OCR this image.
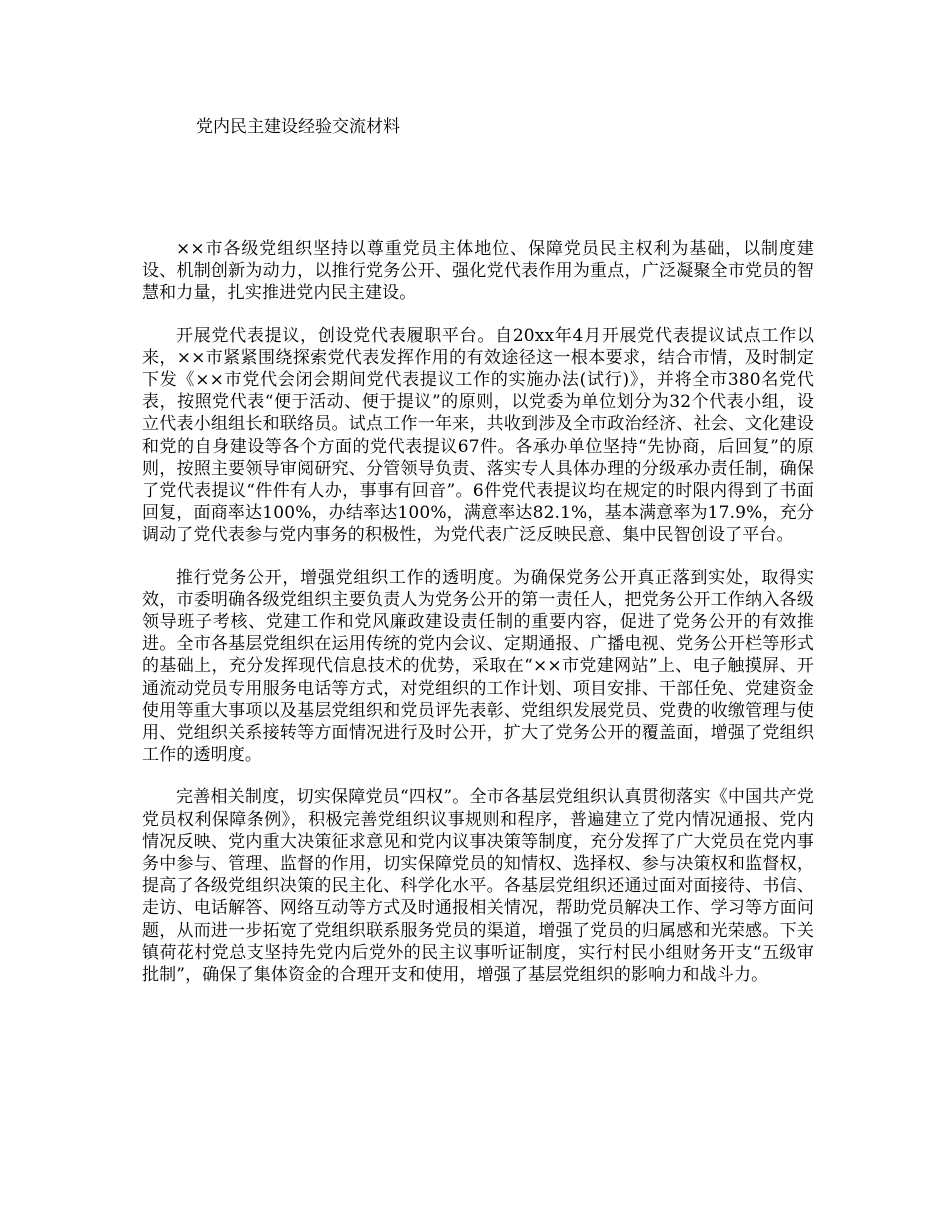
党内民主建设经验交流材料

××市各级党组织坚持以尊重党员主体地位、保障党员民主权利为基础，以制度建设、机制创新为动力，以推行党务公开、强化党代表作用为重点，广泛凝聚全市党员的智慧和力量，扎实推进党内民主建设。

开展党代表提议，创设党代表履职平台。自20xx年4月开展党代表提议试点工作以来，××市紧紧围绕探索党代表发挥作用的有效途径这一根本要求，结合市情，及时制定下发《××市党代会闭会期间党代表提议工作的实施办法(试行)》，并将全市380名党代表，按照党代表“便于活动、便于提议”的原则，以党委为单位划分为32个代表小组，设立代表小组组长和联络员。试点工作一年来，共收到涉及全市政治经济、社会、文化建设和党的自身建设等各个方面的党代表提议67件。各承办单位坚持“先协商，后回复”的原则，按照主要领导审阅研究、分管领导负责、落实专人具体办理的分级承办责任制，确保了党代表提议“件件有人办，事事有回音”。6件党代表提议均在规定的时限内得到了书面回复，面商率达100%，办结率达100%，满意率达82.1%，基本满意率为17.9%，充分调动了党代表参与党内事务的积极性，为党代表广泛反映民意、集中民智创设了平台。

推行党务公开，增强党组织工作的透明度。为确保党务公开真正落到实处，取得实效，市委明确各级党组织主要负责人为党务公开的第一责任人，把党务公开工作纳入各级领导班子考核、党建工作和党风廉政建设责任制的重要内容，促进了党务公开的有效推进。全市各基层党组织在运用传统的党内会议、定期通报、广播电视、党务公开栏等形式的基础上，充分发挥现代信息技术的优势，采取在“××市党建网站”上、电子触摸屏、开通流动党员专用服务电话等方式，对党组织的工作计划、项目安排、干部任免、党建资金使用等重大事项以及基层党组织和党员评先表彰、党组织发展党员、党费的收缴管理与使用、党组织关系接转等方面情况进行及时公开，扩大了党务公开的覆盖面，增强了党组织工作的透明度。

完善相关制度，切实保障党员“四权”。全市各基层党组织认真贯彻落实《中国共产党党员权利保障条例》，积极完善党组织议事规则和程序，普遍建立了党内情况通报、党内情况反映、党内重大决策征求意见和党内议事决策等制度，充分发挥了广大党员在党内事务中参与、管理、监督的作用，切实保障党员的知情权、选择权、参与决策权和监督权，提高了各级党组织决策的民主化、科学化水平。各基层党组织还通过面对面接待、书信、走访、电话解答、网络互动等方式及时通报相关情况，帮助党员解决工作、学习等方面问题，从而进一步拓宽了党组织联系服务党员的渠道，增强了党员的归属感和光荣感。下关镇荷花村党总支坚持先党内后党外的民主议事听证制度，实行村民小组财务开支“五级审批制”，确保了集体资金的合理开支和使用，增强了基层党组织的影响力和战斗力。
